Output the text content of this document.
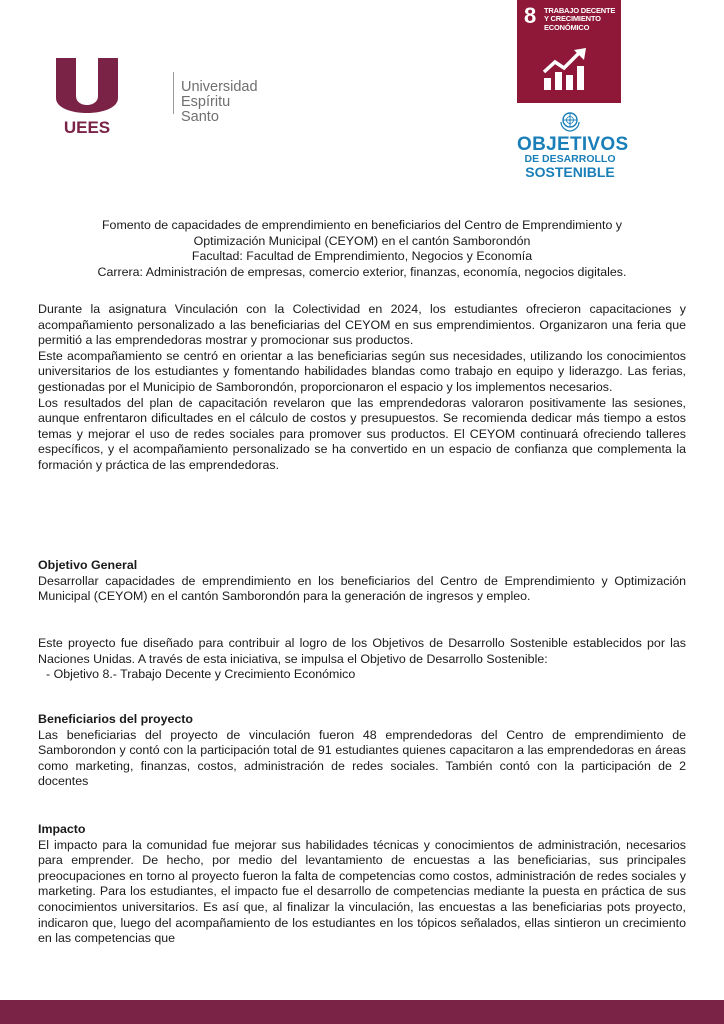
UEES
Universidad
Espíritu Santo
8 TRABAJO DECENTE Y CRECIMIENTO ECONÓMICO
OBJETIVOS
DE DESARROLLO
SOSTENIBLE
Fomento de capacidades de emprendimiento en beneficiarios del Centro de Emprendimiento y
Optimización Municipal (CEYOM) en el cantón Samborondón
Facultad: Facultad de Emprendimiento, Negocios y Economía
Carrera: Administración de empresas, comercio exterior, finanzas, economía, negocios digitales.

Durante la asignatura Vinculación con la Colectividad en 2024, los estudiantes ofrecieron capacitaciones y acompañamiento personalizado a las beneficiarias del CEYOM en sus emprendimientos. Organizaron una feria que permitió a las emprendedoras mostrar y promocionar sus productos.

Este acompañamiento se centró en orientar a las beneficiarias según sus necesidades, utilizando los conocimientos universitarios de los estudiantes y fomentando habilidades blandas como trabajo en equipo y liderazgo. Las ferias, gestionadas por el Municipio de Samborondón, proporcionaron el espacio y los implementos necesarios.

Los resultados del plan de capacitación revelaron que las emprendedoras valoraron positivamente las sesiones, aunque enfrentaron dificultades en el cálculo de costos y presupuestos. Se recomienda dedicar más tiempo a estos temas y mejorar el uso de redes sociales para promover sus productos. El CEYOM continuará ofreciendo talleres específicos, y el acompañamiento personalizado se ha convertido en un espacio de confianza que complementa la formación y práctica de las emprendedoras.

Objetivo General

Desarrollar capacidades de emprendimiento en los beneficiarios del Centro de Emprendimiento y Optimización Municipal (CEYOM) en el cantón Samborondón para la generación de ingresos y empleo.

Este proyecto fue diseñado para contribuir al logro de los Objetivos de Desarrollo Sostenible establecidos por las Naciones Unidas. A través de esta iniciativa, se impulsa el Objetivo de Desarrollo Sostenible:

- Objetivo 8.- Trabajo Decente y Crecimiento Económico

Beneficiarios del proyecto

Las beneficiarias del proyecto de vinculación fueron 48 emprendedoras del Centro de emprendimiento de Samborondon y contó con la participación total de 91 estudiantes quienes capacitaron a las emprendedoras en áreas como marketing, finanzas, costos, administración de redes sociales. También contó con la participación de 2 docentes

Impacto

El impacto para la comunidad fue mejorar sus habilidades técnicas y conocimientos de administración, necesarios para emprender. De hecho, por medio del levantamiento de encuestas a las beneficiarias, sus principales preocupaciones en torno al proyecto fueron la falta de competencias como costos, administración de redes sociales y marketing. Para los estudiantes, el impacto fue el desarrollo de competencias mediante la puesta en práctica de sus conocimientos universitarios. Es así que, al finalizar la vinculación, las encuestas a las beneficiarias pots proyecto, indicaron que, luego del acompañamiento de los estudiantes en los tópicos señalados, ellas sintieron un crecimiento en las competencias que
